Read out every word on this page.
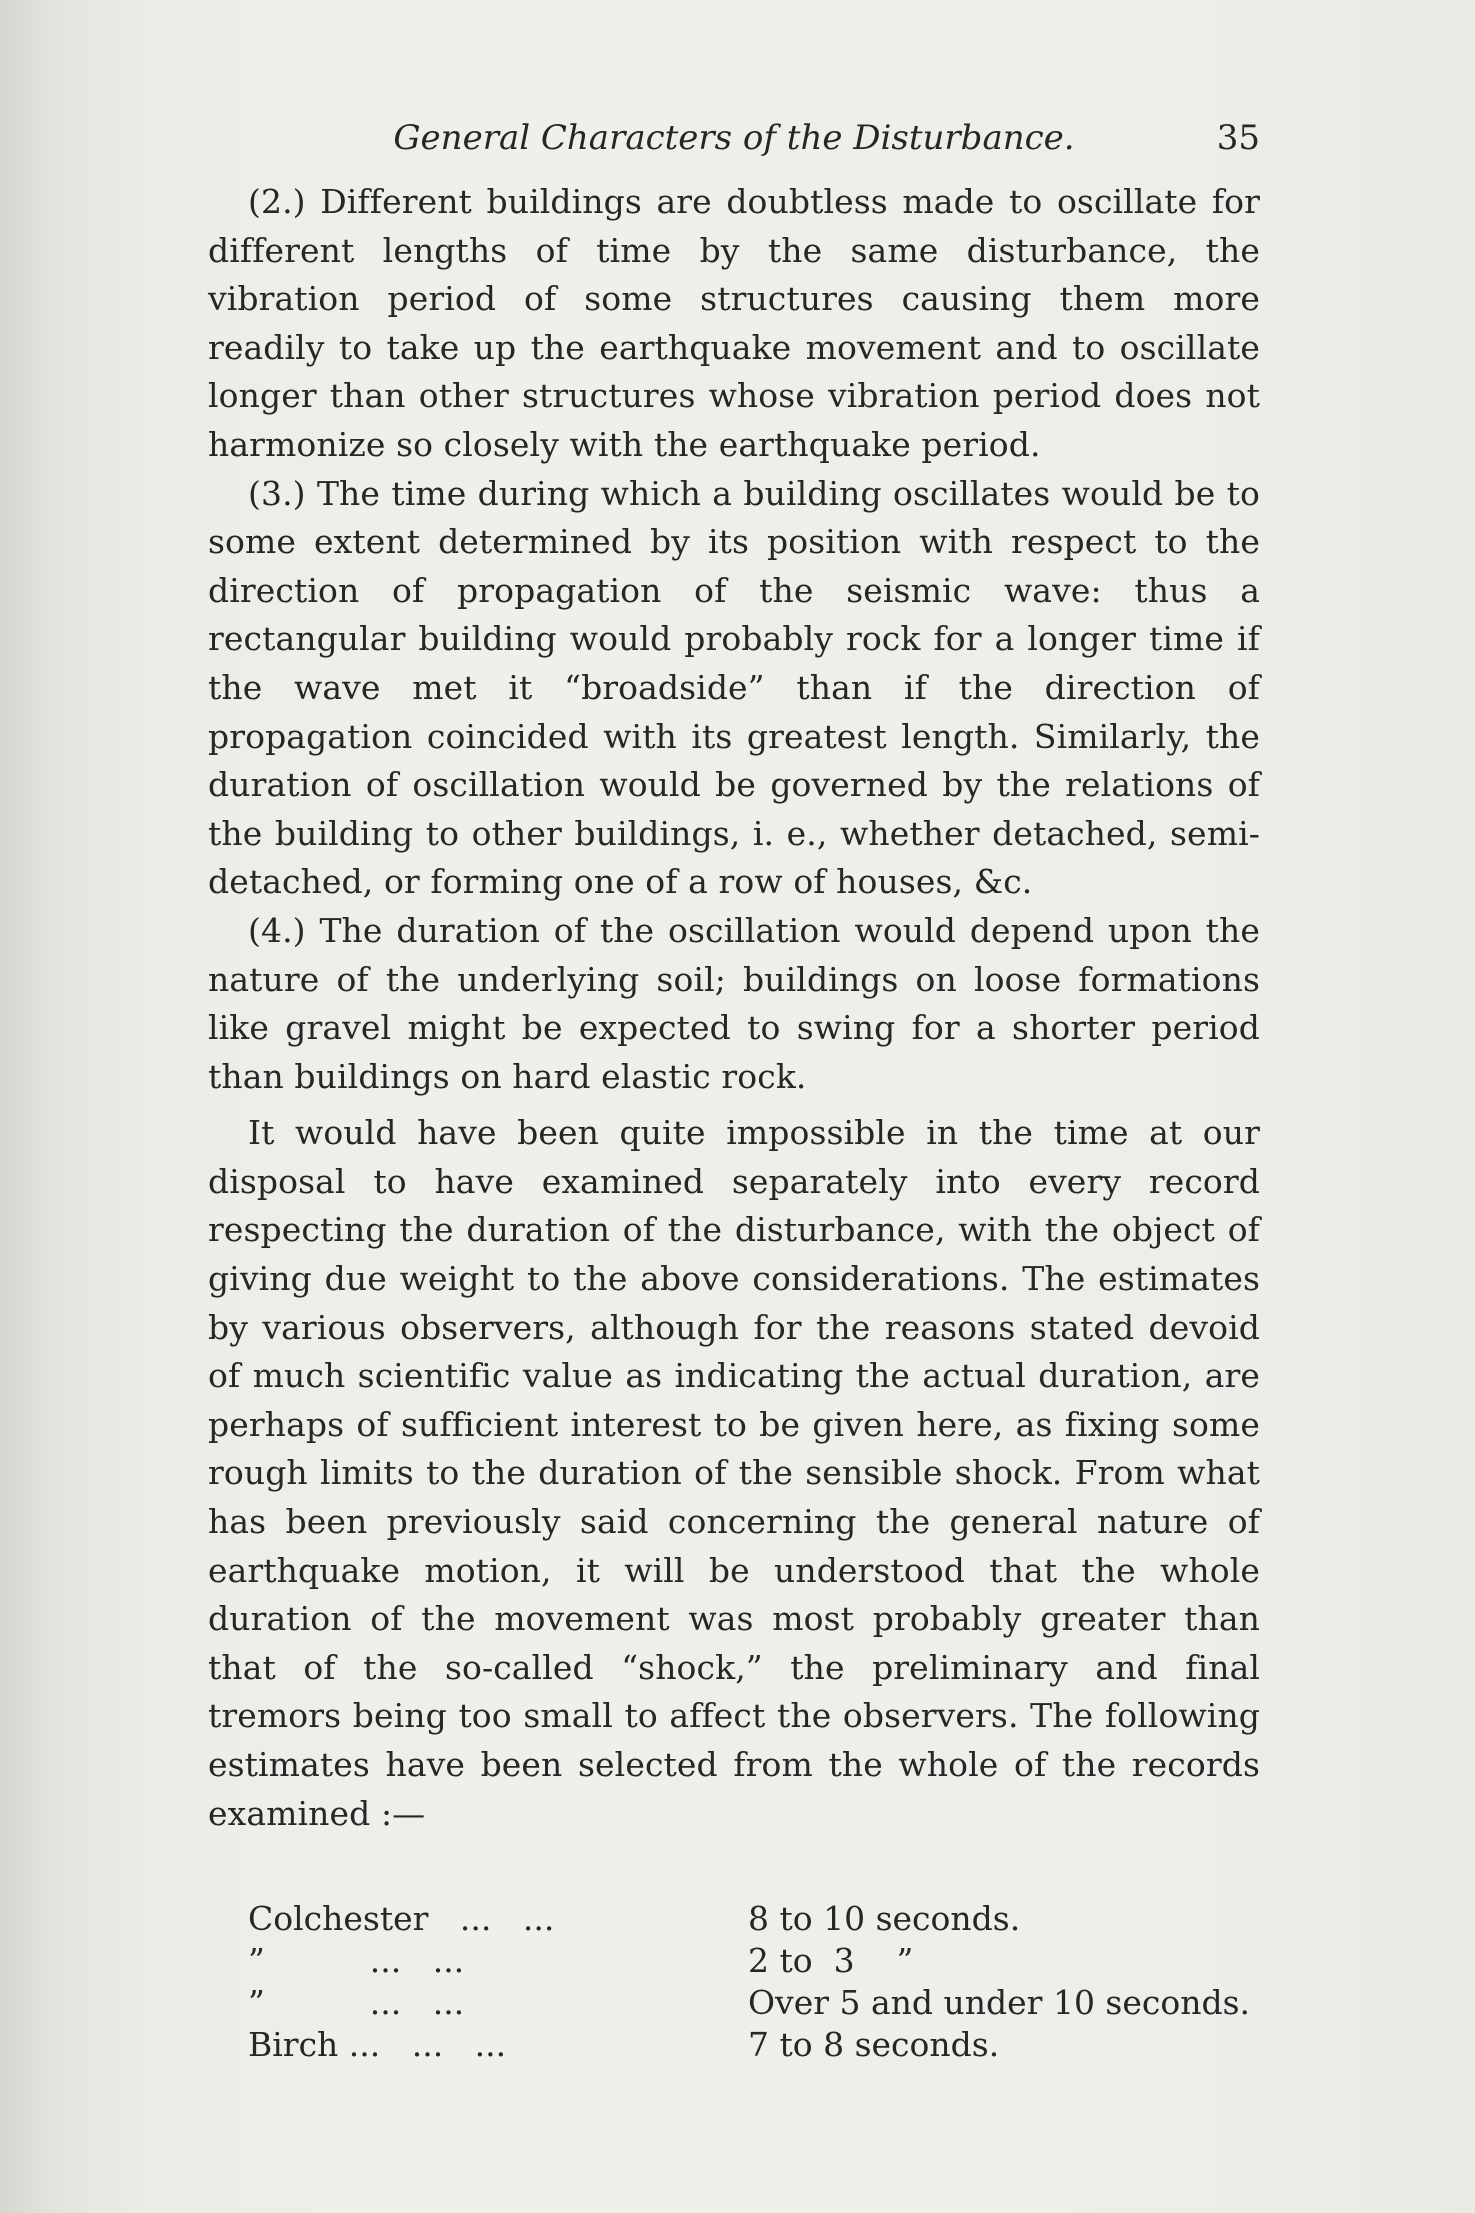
General Characters of the Disturbance.	35

(2.) Different buildings are doubtless made to oscillate for different lengths of time by the same disturbance, the vibration period of some structures causing them more readily to take up the earthquake movement and to oscillate longer than other structures whose vibration period does not harmonize so closely with the earthquake period.

(3.) The time during which a building oscillates would be to some extent determined by its position with respect to the direction of propagation of the seismic wave: thus a rectangular building would probably rock for a longer time if the wave met it “broadside” than if the direction of propagation coincided with its greatest length. Similarly, the duration of oscillation would be governed by the relations of the building to other buildings, i. e., whether detached, semi-detached, or forming one of a row of houses, &c.

(4.) The duration of the oscillation would depend upon the nature of the underlying soil; buildings on loose formations like gravel might be expected to swing for a shorter period than buildings on hard elastic rock.

It would have been quite impossible in the time at our disposal to have examined separately into every record respecting the duration of the disturbance, with the object of giving due weight to the above considerations. The estimates by various observers, although for the reasons stated devoid of much scientific value as indicating the actual duration, are perhaps of sufficient interest to be given here, as fixing some rough limits to the duration of the sensible shock. From what has been previously said concerning the general nature of earthquake motion, it will be understood that the whole duration of the movement was most probably greater than that of the so-called “shock,” the preliminary and final tremors being too small to affect the observers. The following estimates have been selected from the whole of the records examined :—

Colchester   ...   ...	8 to 10 seconds.
”          ...   ...	2 to  3    ”
”          ...   ...	Over 5 and under 10 seconds.
Birch ...   ...   ...	7 to 8 seconds.
